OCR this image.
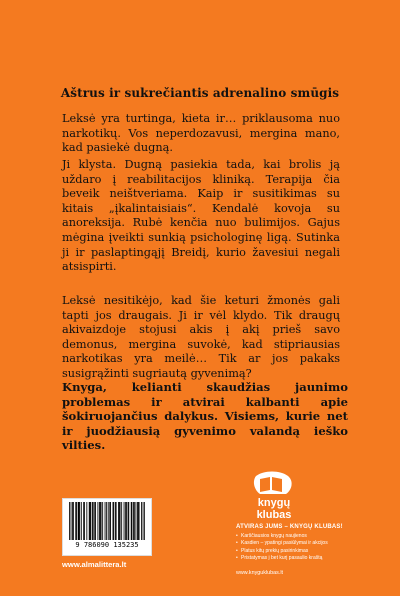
Aštrus ir sukrečiantis adrenalino smūgis

Leksė yra turtinga, kieta ir… priklausoma nuo narkotikų. Vos neperdozavusi, mergina mano, kad pasiekė dugną.

Ji klysta. Dugną pasiekia tada, kai brolis ją uždaro į reabilitacijos kliniką. Terapija čia beveik neištveriama. Kaip ir susitikimas su kitais „įkalintaisiais“. Kendalė kovoja su anoreksija. Rubė kenčia nuo bulimijos. Gajus mėgina įveikti sunkią psichologinę ligą. Sutinka ji ir paslaptingąjį Breidį, kurio žavesiui negali atsispirti.

Leksė nesitikėjo, kad šie keturi žmonės gali tapti jos draugais. Ji ir vėl klydo. Tik draugų akivaizdoje stojusi akis į akį prieš savo demonus, mergina suvokė, kad stipriausias narkotikas yra meilė… Tik ar jos pakaks susigrąžinti sugriautą gyvenimą?

Knyga, kelianti skaudžias jaunimo problemas ir atvirai kalbanti apie šokiruojančius dalykus. Visiems, kurie net ir juodžiausią gyvenimo valandą ieško vilties.
9 786090 135235
www.almalittera.lt
knygų
klubas
ATVIRAS JUMS – KNYGŲ KLUBAS!
• Karščiausios knygų naujienos
• Kasdien – ypatingi pasiūlymai ir akcijos
• Platus kitų prekių pasirinkimas
• Pristatymas į bet kurį pasaulio kraštą
www.knyguklubas.lt
